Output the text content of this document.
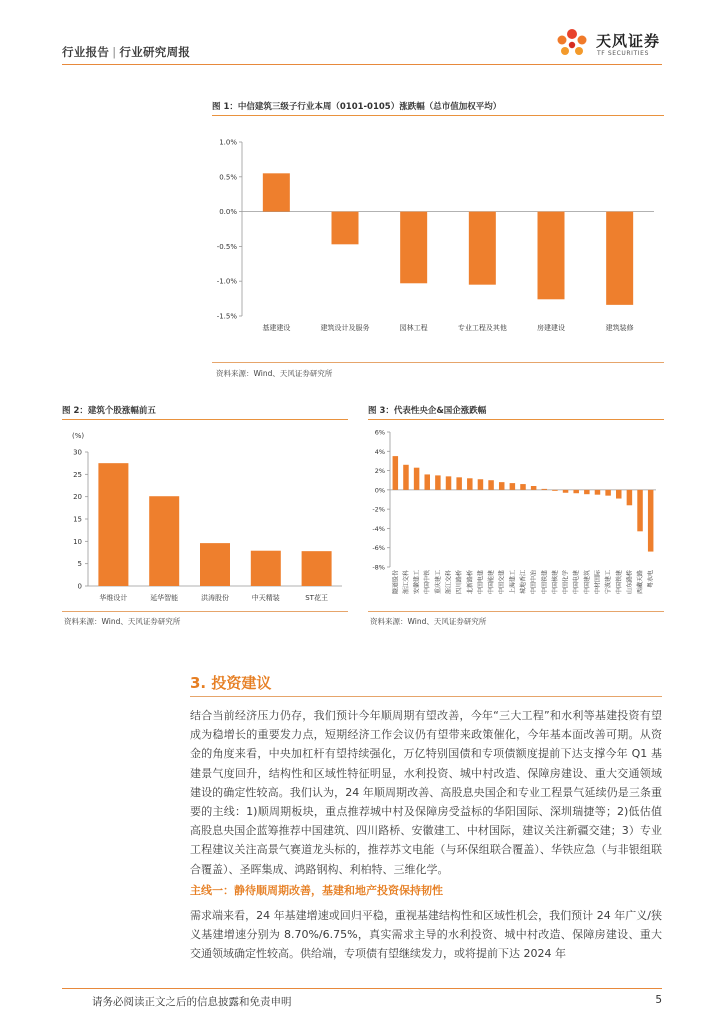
行业报告 | 行业研究周报
天风证券
TF SECURITIES
图 1：中信建筑三级子行业本周（0101-0105）涨跌幅（总市值加权平均）
1.0%
0.5%
0.0%
-0.5%
-1.0%
-1.5%
基建建设	建筑设计及服务	园林工程	专业工程及其他	房建建设	建筑装修
资料来源：Wind、天风证券研究所
图 2：建筑个股涨幅前五
(%)
30
25
20
15
10
5
0
华维设计	延华智能	洪涛股份	中天精装	ST花王
资料来源：Wind、天风证券研究所
图 3：代表性央企&国企涨跌幅
6%
4%
2%
0%
-2%
-4%
-6%
-8%
隧道股份 浙江交科 安徽建工 中国中铁 重庆建工 浙江交科 四川路桥 北新路桥 中国电建 中国能建 中国交建 上海建工 城地香江 中国中冶 中国铁建 中国核建 中国化学 中国电建 中国建筑 中材国际 宁波建工 中国铁建 山东路桥 西藏天路 粤水电
资料来源：Wind、天风证券研究所
3. 投资建议
结合当前经济压力仍存，我们预计今年顺周期有望改善，今年“三大工程”和水利等基建投资有望成为稳增长的重要发力点，短期经济工作会议仍有望带来政策催化，今年基本面改善可期。从资金的角度来看，中央加杠杆有望持续强化，万亿特别国债和专项债额度提前下达支撑今年 Q1 基建景气度回升，结构性和区域性特征明显，水利投资、城中村改造、保障房建设、重大交通领域建设的确定性较高。我们认为，24 年顺周期改善、高股息央国企和专业工程景气延续仍是三条重要的主线：1)顺周期板块，重点推荐城中村及保障房受益标的华阳国际、深圳瑞捷等；2)低估值高股息央国企蓝筹推荐中国建筑、四川路桥、安徽建工、中材国际，建议关注新疆交建；3）专业工程建议关注高景气赛道龙头标的，推荐苏文电能（与环保组联合覆盖）、华铁应急（与非银组联合覆盖）、圣晖集成、鸿路钢构、利柏特、三维化学。
主线一：静待顺周期改善，基建和地产投资保持韧性
需求端来看，24 年基建增速或回归平稳，重视基建结构性和区域性机会，我们预计 24 年广义/狭义基建增速分别为 8.70%/6.75%，真实需求主导的水利投资、城中村改造、保障房建设、重大交通领域确定性较高。供给端，专项债有望继续发力，或将提前下达 2024 年
请务必阅读正文之后的信息披露和免责申明	5
